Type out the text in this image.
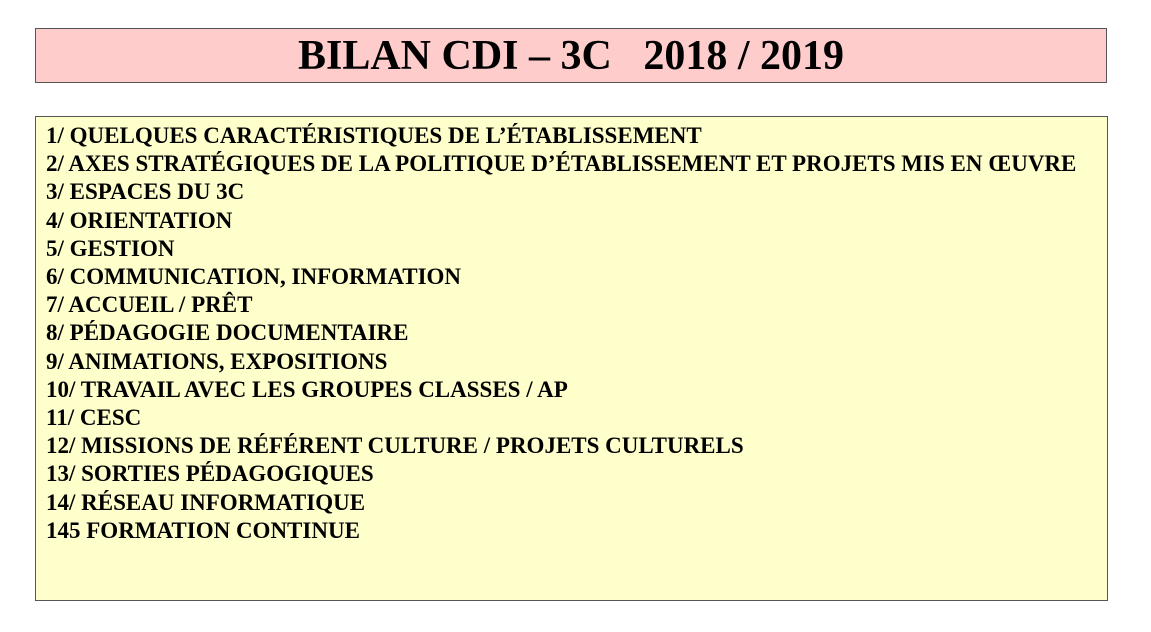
BILAN CDI – 3C   2018 / 2019
1/ QUELQUES CARACTÉRISTIQUES DE L’ÉTABLISSEMENT
2/ AXES STRATÉGIQUES DE LA POLITIQUE D’ÉTABLISSEMENT ET PROJETS MIS EN ŒUVRE
3/ ESPACES DU 3C
4/ ORIENTATION
5/ GESTION
6/ COMMUNICATION, INFORMATION
7/ ACCUEIL / PRÊT
8/ PÉDAGOGIE DOCUMENTAIRE
9/ ANIMATIONS, EXPOSITIONS
10/ TRAVAIL AVEC LES GROUPES CLASSES / AP
11/ CESC
12/ MISSIONS DE RÉFÉRENT CULTURE / PROJETS CULTURELS
13/ SORTIES PÉDAGOGIQUES
14/ RÉSEAU INFORMATIQUE
145 FORMATION CONTINUE
